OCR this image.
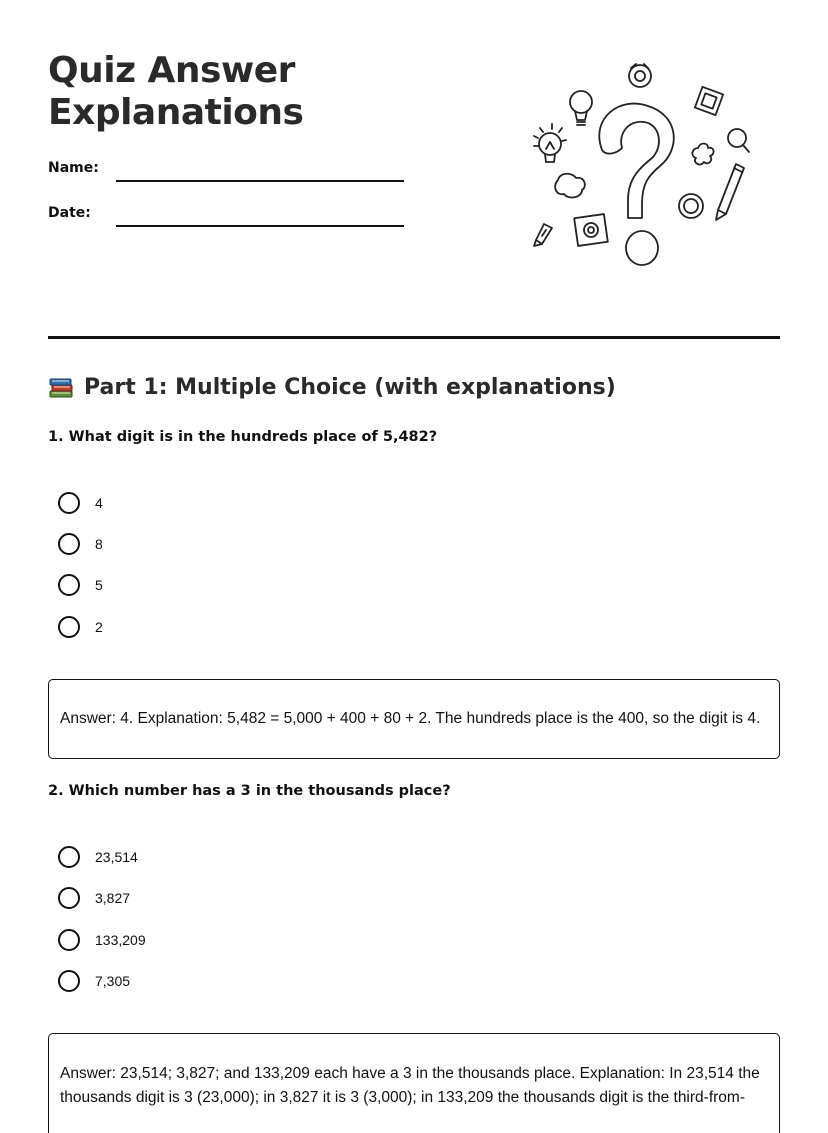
Quiz Answer
Explanations
Name:
Date:
Part 1: Multiple Choice (with explanations)
1. What digit is in the hundreds place of 5,482?
4
8
5
2
Answer: 4. Explanation: 5,482 = 5,000 + 400 + 80 + 2. The hundreds place is the 400, so the digit is 4.
2. Which number has a 3 in the thousands place?
23,514
3,827
133,209
7,305
Answer: 23,514; 3,827; and 133,209 each have a 3 in the thousands place. Explanation: In 23,514 the
thousands digit is 3 (23,000); in 3,827 it is 3 (3,000); in 133,209 the thousands digit is the third-from-
